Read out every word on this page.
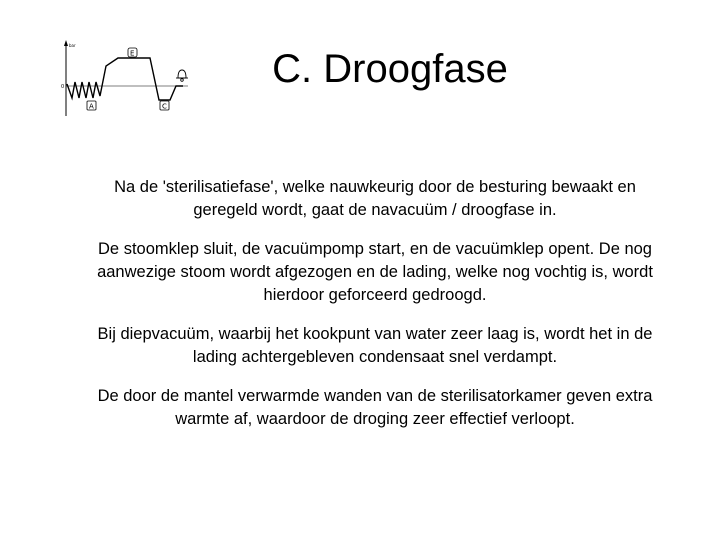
bar
0
E
A	C
C. Droogfase

Na de 'sterilisatiefase', welke nauwkeurig door de besturing bewaakt en geregeld wordt, gaat de navacuüm / droogfase in.

De stoomklep sluit, de vacuümpomp start, en de vacuümklep opent. De nog aanwezige stoom wordt afgezogen en de lading, welke nog vochtig is, wordt hierdoor geforceerd gedroogd.

Bij diepvacuüm, waarbij het kookpunt van water zeer laag is, wordt het in de lading achtergebleven condensaat snel verdampt.

De door de mantel verwarmde wanden van de sterilisatorkamer geven extra warmte af, waardoor de droging zeer effectief verloopt.
